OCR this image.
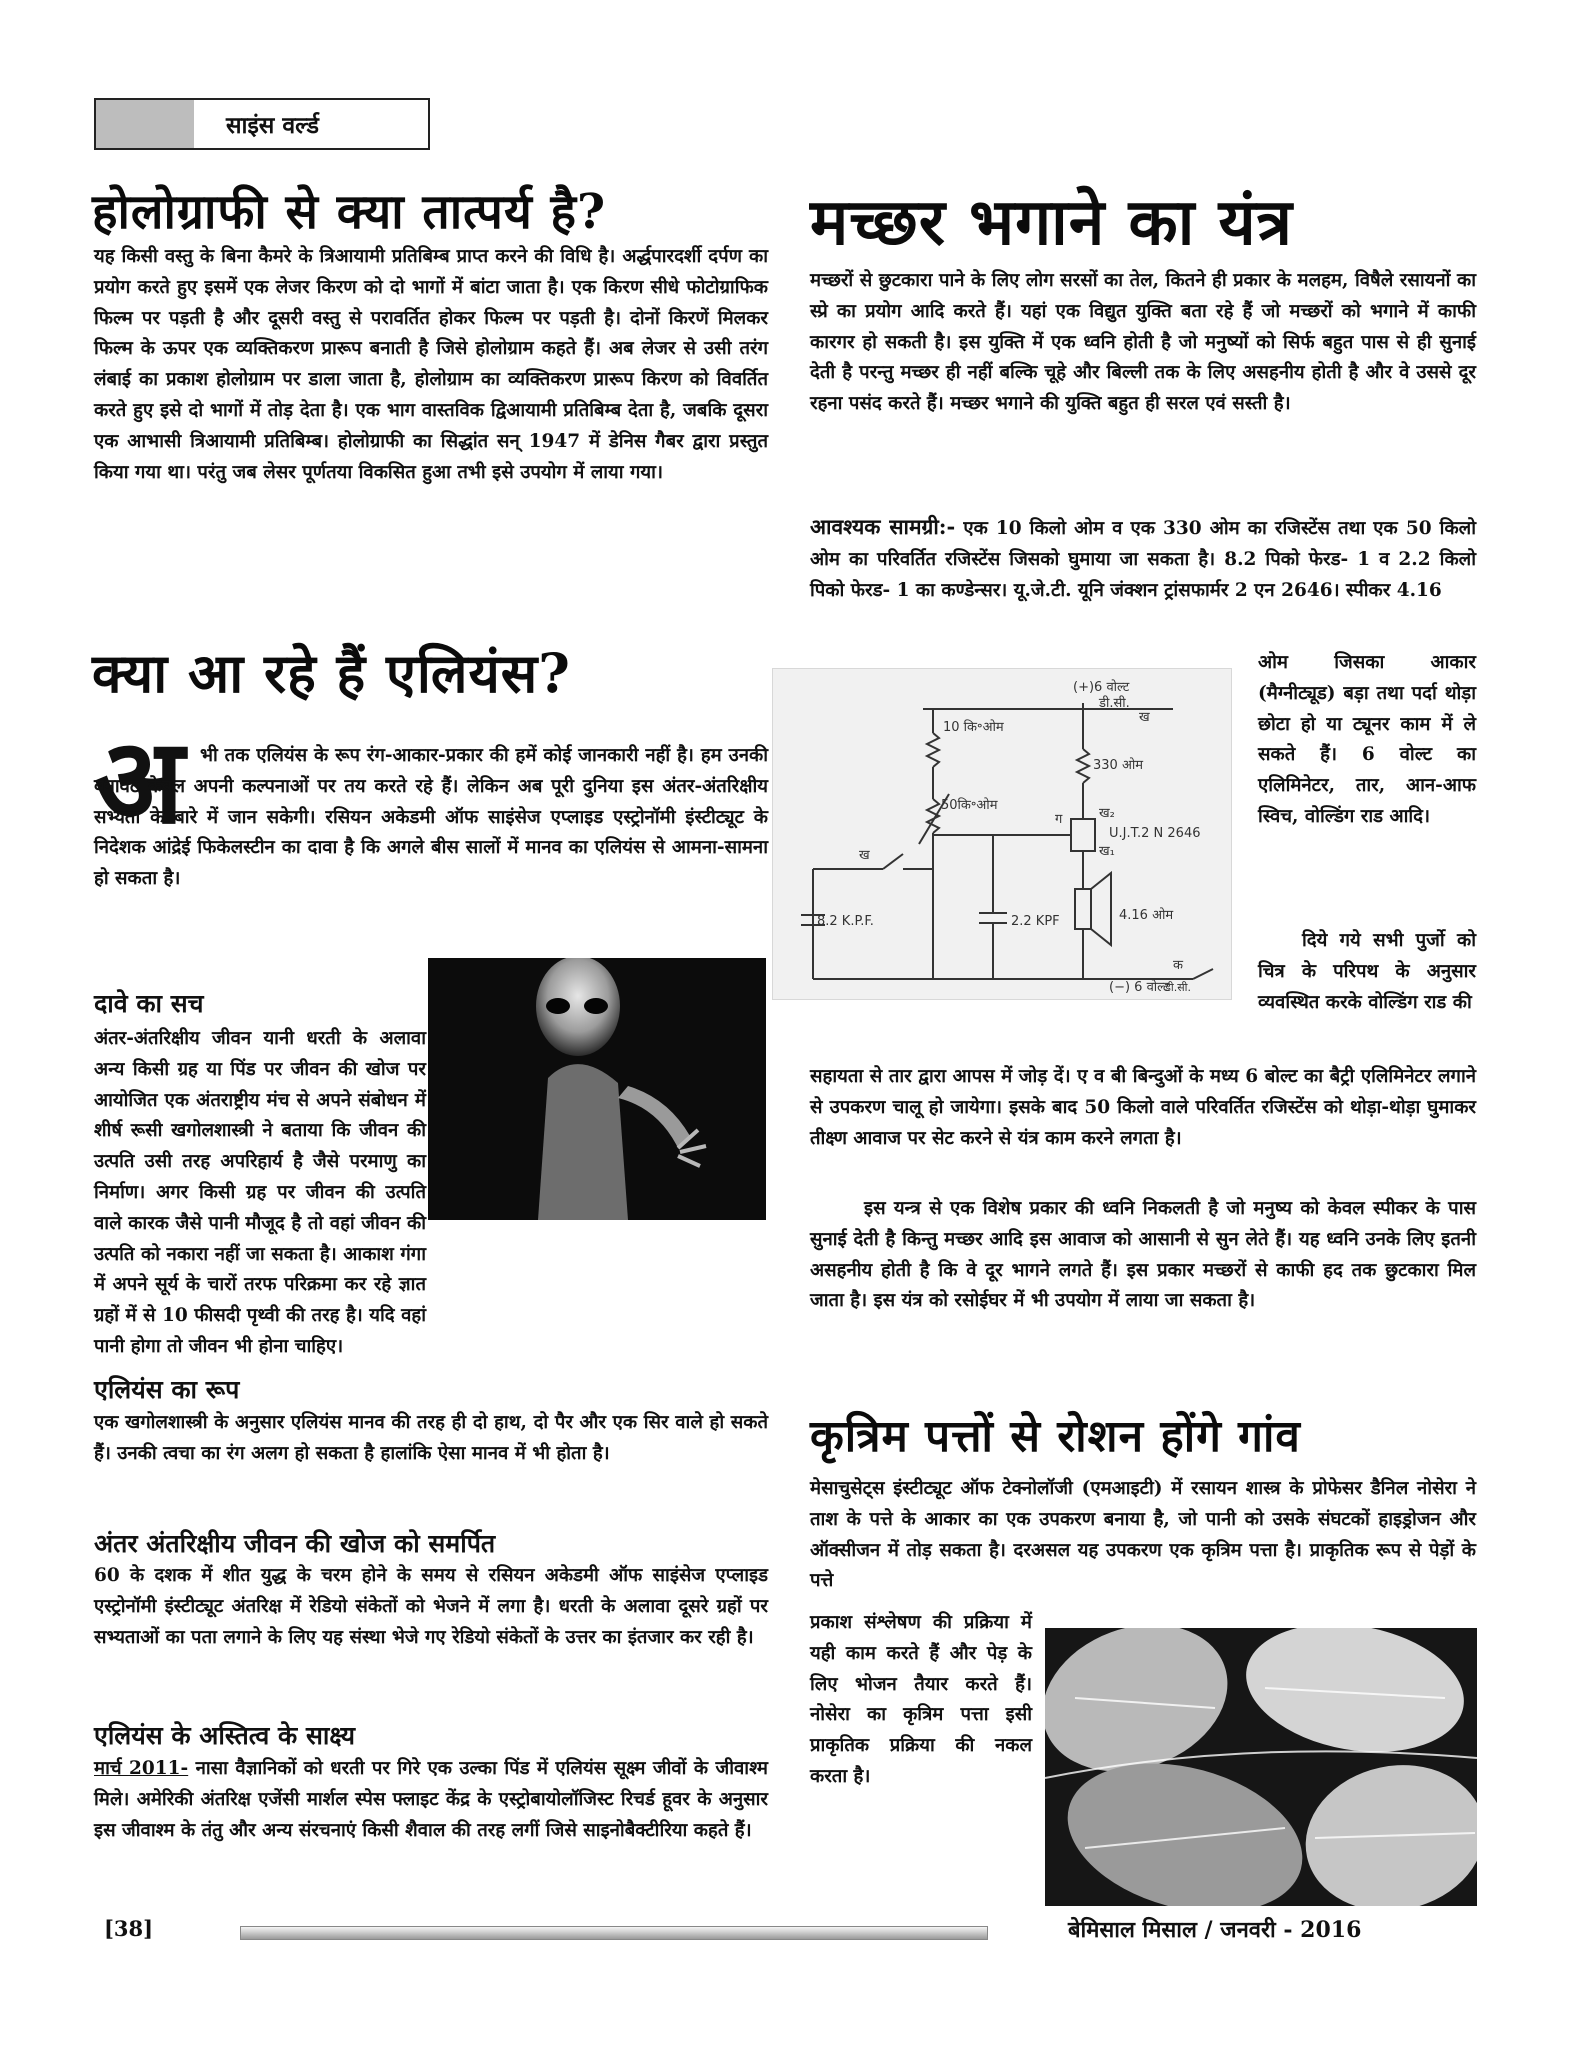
साइंस वर्ल्ड
होलोग्राफी से क्या तात्पर्य है?

यह किसी वस्तु के बिना कैमरे के त्रिआयामी प्रतिबिम्ब प्राप्त करने की विधि है। अर्द्धपारदर्शी दर्पण का प्रयोग करते हुए इसमें एक लेजर किरण को दो भागों में बांटा जाता है। एक किरण सीधे फोटोग्राफिक फिल्म पर पड़ती है और दूसरी वस्तु से परावर्तित होकर फिल्म पर पड़ती है। दोनों किरणें मिलकर फिल्म के ऊपर एक व्यक्तिकरण प्रारूप बनाती है जिसे होलोग्राम कहते हैं। अब लेजर से उसी तरंग लंबाई का प्रकाश होलोग्राम पर डाला जाता है, होलोग्राम का व्यक्तिकरण प्रारूप किरण को विवर्तित करते हुए इसे दो भागों में तोड़ देता है। एक भाग वास्तविक द्विआयामी प्रतिबिम्ब देता है, जबकि दूसरा एक आभासी त्रिआयामी प्रतिबिम्ब। होलोग्राफी का सिद्धांत सन् 1947 में डेनिस गैबर द्वारा प्रस्तुत किया गया था। परंतु जब लेसर पूर्णतया विकसित हुआ तभी इसे उपयोग में लाया गया।

क्या आ रहे हैं एलियंस?
अ भी तक एलियंस के रूप रंग-आकार-प्रकार की हमें कोई जानकारी नहीं है। हम उनकी बनावट केवल अपनी कल्पनाओं पर तय करते रहे हैं। लेकिन अब पूरी दुनिया इस अंतर-अंतरिक्षीय सभ्यता के बारे में जान सकेगी। रसियन अकेडमी ऑफ साइंसेज एप्लाइड एस्ट्रोनॉमी इंस्टीट्यूट के निदेशक आंद्रेई फिकेलस्टीन का दावा है कि अगले बीस सालों में मानव का एलियंस से आमना-सामना हो सकता है।

दावे का सच

अंतर-अंतरिक्षीय जीवन यानी धरती के अलावा अन्य किसी ग्रह या पिंड पर जीवन की खोज पर आयोजित एक अंतराष्ट्रीय मंच से अपने संबोधन में शीर्ष रूसी खगोलशास्त्री ने बताया कि जीवन की उत्पति उसी तरह अपरिहार्य है जैसे परमाणु का निर्माण। अगर किसी ग्रह पर जीवन की उत्पति वाले कारक जैसे पानी मौजूद है तो वहां जीवन की उत्पति को नकारा नहीं जा सकता है। आकाश गंगा में अपने सूर्य के चारों तरफ परिक्रमा कर रहे ज्ञात ग्रहों में से 10 फीसदी पृथ्वी की तरह है। यदि वहां पानी होगा तो जीवन भी होना चाहिए।

एलियंस का रूप

एक खगोलशास्त्री के अनुसार एलियंस मानव की तरह ही दो हाथ, दो पैर और एक सिर वाले हो सकते हैं। उनकी त्वचा का रंग अलग हो सकता है हालांकि ऐसा मानव में भी होता है।

अंतर अंतरिक्षीय जीवन की खोज को समर्पित

60 के दशक में शीत युद्ध के चरम होने के समय से रसियन अकेडमी ऑफ साइंसेज एप्लाइड एस्ट्रोनॉमी इंस्टीट्यूट अंतरिक्ष में रेडियो संकेतों को भेजने में लगा है। धरती के अलावा दूसरे ग्रहों पर सभ्यताओं का पता लगाने के लिए यह संस्था भेजे गए रेडियो संकेतों के उत्तर का इंतजार कर रही है।

एलियंस के अस्तित्व के साक्ष्य

मार्च 2011- नासा वैज्ञानिकों को धरती पर गिरे एक उल्का पिंड में एलियंस सूक्ष्म जीवों के जीवाश्म मिले। अमेरिकी अंतरिक्ष एजेंसी मार्शल स्पेस फ्लाइट केंद्र के एस्ट्रोबायोलॉजिस्ट रिचर्ड हूवर के अनुसार इस जीवाश्म के तंतु और अन्य संरचनाएं किसी शैवाल की तरह लगीं जिसे साइनोबैक्टीरिया कहते हैं।

मच्छर भगाने का यंत्र

मच्छरों से छुटकारा पाने के लिए लोग सरसों का तेल, कितने ही प्रकार के मलहम, विषैले रसायनों का स्प्रे का प्रयोग आदि करते हैं। यहां एक विद्युत युक्ति बता रहे हैं जो मच्छरों को भगाने में काफी कारगर हो सकती है। इस युक्ति में एक ध्वनि होती है जो मनुष्यों को सिर्फ बहुत पास से ही सुनाई देती है परन्तु मच्छर ही नहीं बल्कि चूहे और बिल्ली तक के लिए असहनीय होती है और वे उससे दूर रहना पसंद करते हैं। मच्छर भगाने की युक्ति बहुत ही सरल एवं सस्ती है।

आवश्यक सामग्री:- एक 10 किलो ओम व एक 330 ओम का रजिस्टेंस तथा एक 50 किलो ओम का परिवर्तित रजिस्टेंस जिसको घुमाया जा सकता है। 8.2 पिको फेरड- 1 व 2.2 किलो पिको फेरड- 1 का कण्डेन्सर। यू.जे.टी. यूनि जंक्शन ट्रांसफार्मर 2 एन 2646। स्पीकर 4.16

(+)6 वोल्ट
डी.सी.
ख
10 कि॰ओम
330 ओम
50कि॰ओम
ग	ख₂
ख₁
U.J.T.2 N 2646
ख
8.2 K.P.F.	2.2 KPF	4.16 ओम
क
(−) 6 वोल्ट
डी.सी.

ओम जिसका आकार (मैग्नीट्यूड) बड़ा तथा पर्दा थोड़ा छोटा हो या ट्यूनर काम में ले सकते हैं। 6 वोल्ट का एलिमिनेटर, तार, आन-आफ स्विच, वोल्डिंग राड आदि।

दिये गये सभी पुर्जो को चित्र के परिपथ के अनुसार व्यवस्थित करके वोल्डिंग राड की

सहायता से तार द्वारा आपस में जोड़ दें। ए व बी बिन्दुओं के मध्य 6 बोल्ट का बैट्री एलिमिनेटर लगाने से उपकरण चालू हो जायेगा। इसके बाद 50 किलो वाले परिवर्तित रजिस्टेंस को थोड़ा-थोड़ा घुमाकर तीक्ष्ण आवाज पर सेट करने से यंत्र काम करने लगता है।

इस यन्त्र से एक विशेष प्रकार की ध्वनि निकलती है जो मनुष्य को केवल स्पीकर के पास सुनाई देती है किन्तु मच्छर आदि इस आवाज को आसानी से सुन लेते हैं। यह ध्वनि उनके लिए इतनी असहनीय होती है कि वे दूर भागने लगते हैं। इस प्रकार मच्छरों से काफी हद तक छुटकारा मिल जाता है। इस यंत्र को रसोईघर में भी उपयोग में लाया जा सकता है।

कृत्रिम पत्तों से रोशन होंगे गांव

मेसाचुसेट्स इंस्टीट्यूट ऑफ टेक्नोलॉजी (एमआइटी) में रसायन शास्त्र के प्रोफेसर डैनिल नोसेरा ने ताश के पत्ते के आकार का एक उपकरण बनाया है, जो पानी को उसके संघटकों हाइड्रोजन और ऑक्सीजन में तोड़ सकता है। दरअसल यह उपकरण एक कृत्रिम पत्ता है। प्राकृतिक रूप से पेड़ों के पत्ते

प्रकाश संश्लेषण की प्रक्रिया में यही काम करते हैं और पेड़ के लिए भोजन तैयार करते हैं। नोसेरा का कृत्रिम पत्ता इसी प्राकृतिक प्रक्रिया की नकल करता है।

[38]	बेमिसाल मिसाल / जनवरी - 2016
